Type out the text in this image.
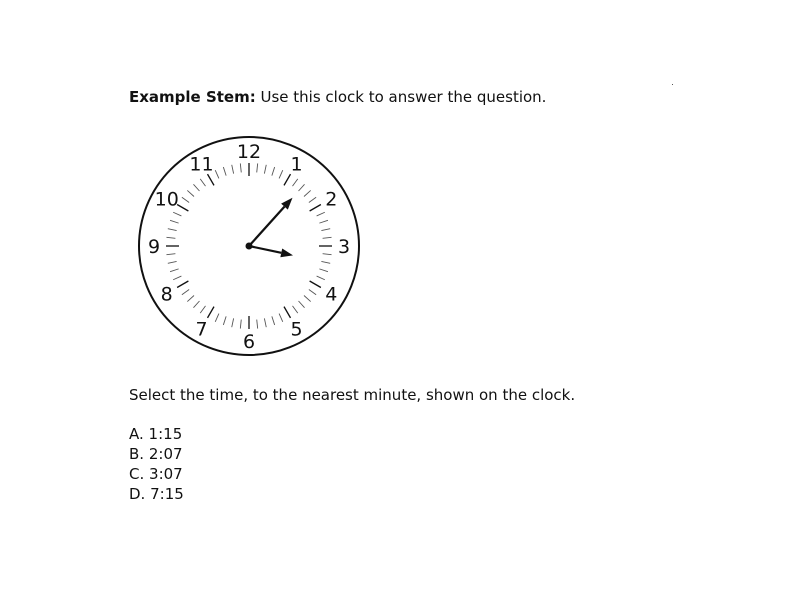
Example Stem: Use this clock to answer the question.
12
1
2
3
4
5
6
7
8
9
10
11
Select the time, to the nearest minute, shown on the clock.
A. 1:15
B. 2:07
C. 3:07
D. 7:15
